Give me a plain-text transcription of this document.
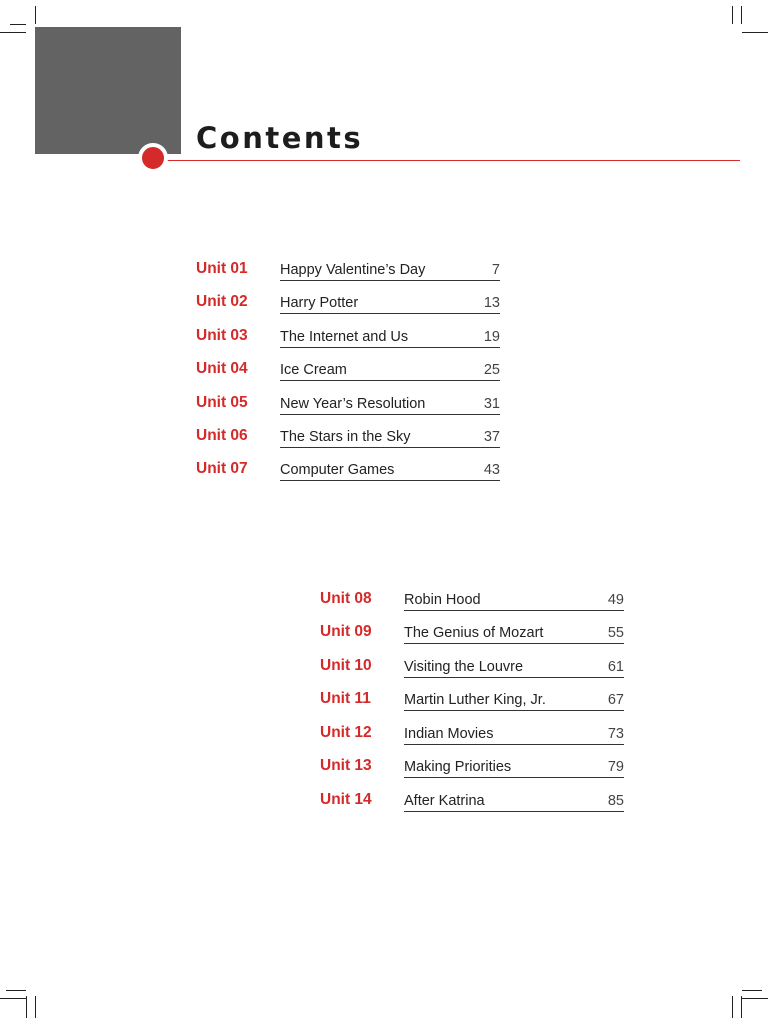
Contents
Unit 01 Happy Valentine’s Day	7
Unit 02 Harry Potter	13
Unit 03 The Internet and Us	19
Unit 04 Ice Cream	25
Unit 05 New Year’s Resolution	31
Unit 06 The Stars in the Sky	37
Unit 07 Computer Games	43
Unit 08 Robin Hood	49
Unit 09 The Genius of Mozart	55
Unit 10 Visiting the Louvre	61
Unit 11 Martin Luther King, Jr.	67
Unit 12 Indian Movies	73
Unit 13 Making Priorities	79
Unit 14 After Katrina	85
